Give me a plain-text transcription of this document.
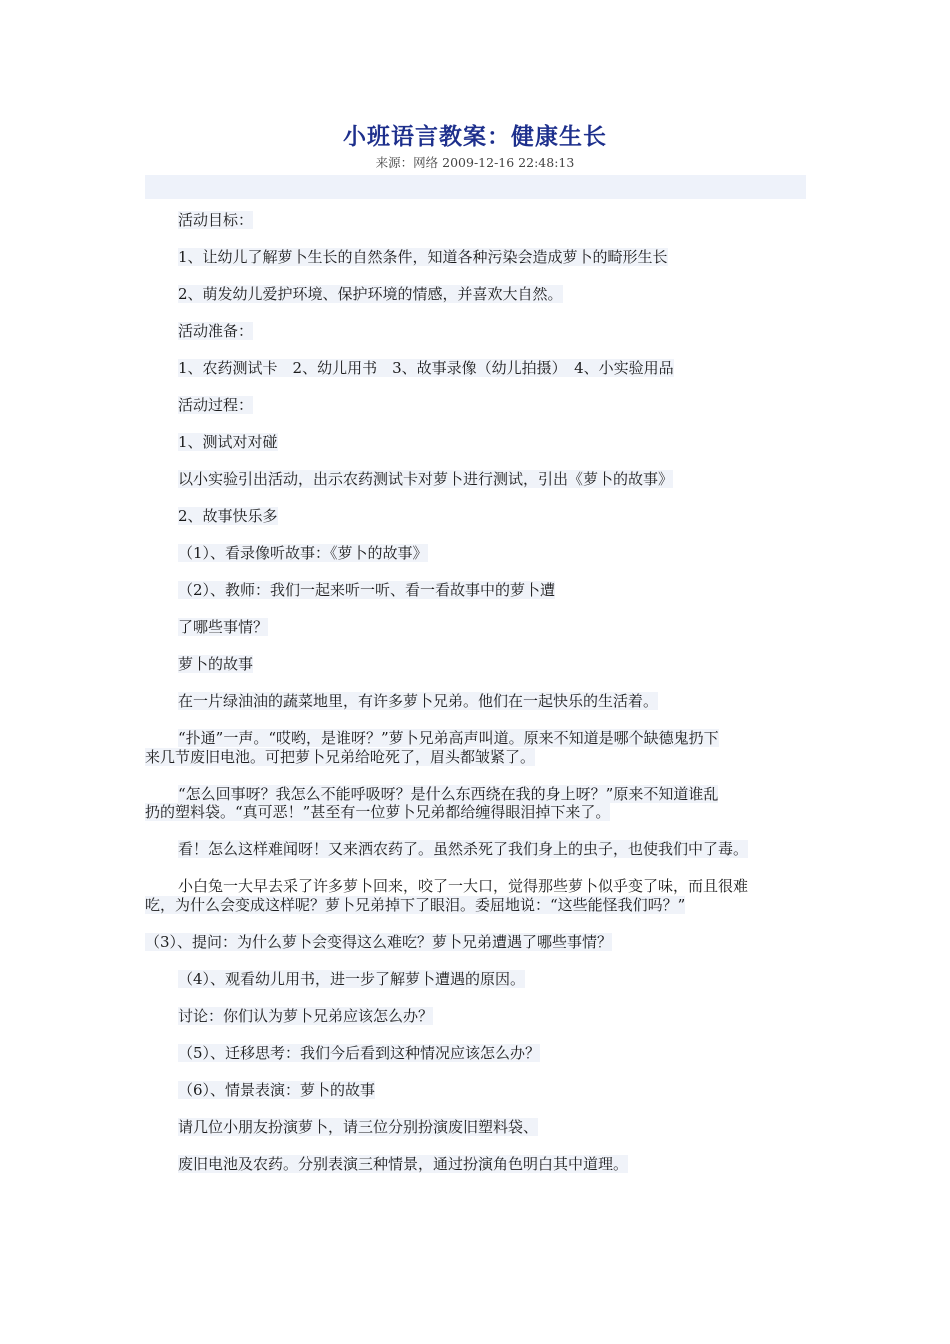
小班语言教案：健康生长
来源：网络 2009-12-16 22:48:13

活动目标：

1、让幼儿了解萝卜生长的自然条件，知道各种污染会造成萝卜的畸形生长

2、萌发幼儿爱护环境、保护环境的情感，并喜欢大自然。

活动准备：

1、农药测试卡　2、幼儿用书　3、故事录像（幼儿拍摄）　4、小实验用品

活动过程：

1、测试对对碰

以小实验引出活动，出示农药测试卡对萝卜进行测试，引出《萝卜的故事》

2、故事快乐多

（1）、看录像听故事：《萝卜的故事》

（2）、教师：我们一起来听一听、看一看故事中的萝卜遭

了哪些事情？

萝卜的故事

在一片绿油油的蔬菜地里，有许多萝卜兄弟。他们在一起快乐的生活着。

“扑通”一声。“哎哟，是谁呀？”萝卜兄弟高声叫道。原来不知道是哪个缺德鬼扔下
来几节废旧电池。可把萝卜兄弟给呛死了，眉头都皱紧了。

“怎么回事呀？我怎么不能呼吸呀？是什么东西绕在我的身上呀？”原来不知道谁乱
扔的塑料袋。“真可恶！”甚至有一位萝卜兄弟都给缠得眼泪掉下来了。

看！怎么这样难闻呀！又来洒农药了。虽然杀死了我们身上的虫子，也使我们中了毒。

小白兔一大早去采了许多萝卜回来，咬了一大口，觉得那些萝卜似乎变了味，而且很难
吃，为什么会变成这样呢？萝卜兄弟掉下了眼泪。委屈地说：“这些能怪我们吗？”

（3）、提问：为什么萝卜会变得这么难吃？萝卜兄弟遭遇了哪些事情？

（4）、观看幼儿用书，进一步了解萝卜遭遇的原因。

讨论：你们认为萝卜兄弟应该怎么办？

（5）、迁移思考：我们今后看到这种情况应该怎么办？

（6）、情景表演：萝卜的故事

请几位小朋友扮演萝卜，请三位分别扮演废旧塑料袋、

废旧电池及农药。分别表演三种情景，通过扮演角色明白其中道理。
